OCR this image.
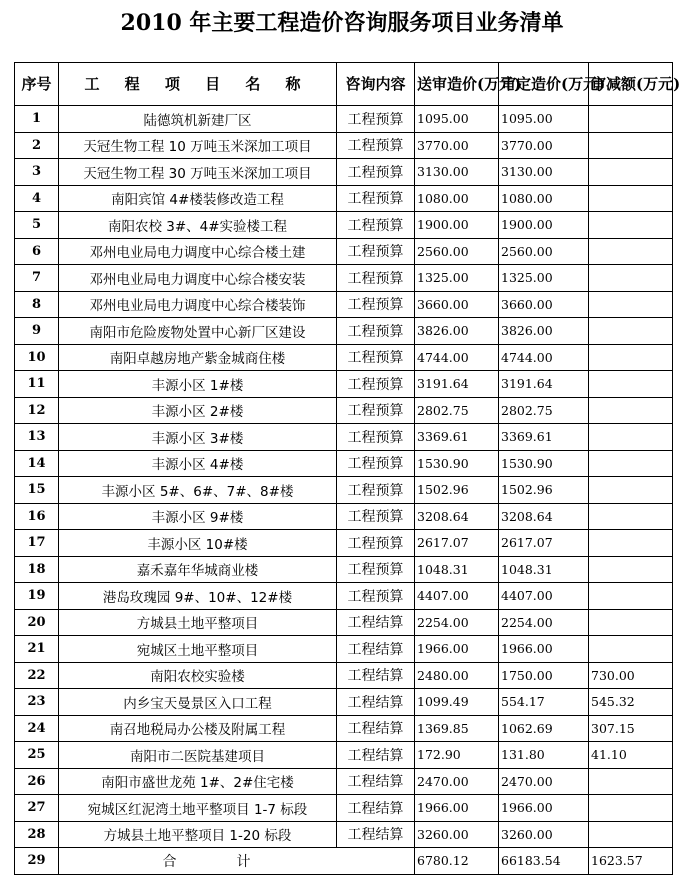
2010 年主要工程造价咨询服务项目业务清单
序号	工 程 项 目 名 称	咨询内容	送审造价(万元)	审定造价(万元)	审减额(万元)
1	陆德筑机新建厂区	工程预算	1095.00	1095.00	
2	天冠生物工程 10 万吨玉米深加工项目	工程预算	3770.00	3770.00	
3	天冠生物工程 30 万吨玉米深加工项目	工程预算	3130.00	3130.00	
4	南阳宾馆 4#楼装修改造工程	工程预算	1080.00	1080.00	
5	南阳农校 3#、4#实验楼工程	工程预算	1900.00	1900.00	
6	邓州电业局电力调度中心综合楼土建	工程预算	2560.00	2560.00	
7	邓州电业局电力调度中心综合楼安装	工程预算	1325.00	1325.00	
8	邓州电业局电力调度中心综合楼装饰	工程预算	3660.00	3660.00	
9	南阳市危险废物处置中心新厂区建设	工程预算	3826.00	3826.00	
10	南阳卓越房地产紫金城商住楼	工程预算	4744.00	4744.00	
11	丰源小区 1#楼	工程预算	3191.64	3191.64	
12	丰源小区 2#楼	工程预算	2802.75	2802.75	
13	丰源小区 3#楼	工程预算	3369.61	3369.61	
14	丰源小区 4#楼	工程预算	1530.90	1530.90	
15	丰源小区 5#、6#、7#、8#楼	工程预算	1502.96	1502.96	
16	丰源小区 9#楼	工程预算	3208.64	3208.64	
17	丰源小区 10#楼	工程预算	2617.07	2617.07	
18	嘉禾嘉年华城商业楼	工程预算	1048.31	1048.31	
19	港岛玫瑰园 9#、10#、12#楼	工程预算	4407.00	4407.00	
20	方城县土地平整项目	工程结算	2254.00	2254.00	
21	宛城区土地平整项目	工程结算	1966.00	1966.00	
22	南阳农校实验楼	工程结算	2480.00	1750.00	730.00
23	内乡宝天曼景区入口工程	工程结算	1099.49	554.17	545.32
24	南召地税局办公楼及附属工程	工程结算	1369.85	1062.69	307.15
25	南阳市二医院基建项目	工程结算	172.90	131.80	41.10
26	南阳市盛世龙苑 1#、2#住宅楼	工程结算	2470.00	2470.00	
27	宛城区红泥湾土地平整项目 1-7 标段	工程结算	1966.00	1966.00	
28	方城县土地平整项目 1-20 标段	工程结算	3260.00	3260.00	
29	合计		6780.12	66183.54	1623.57
